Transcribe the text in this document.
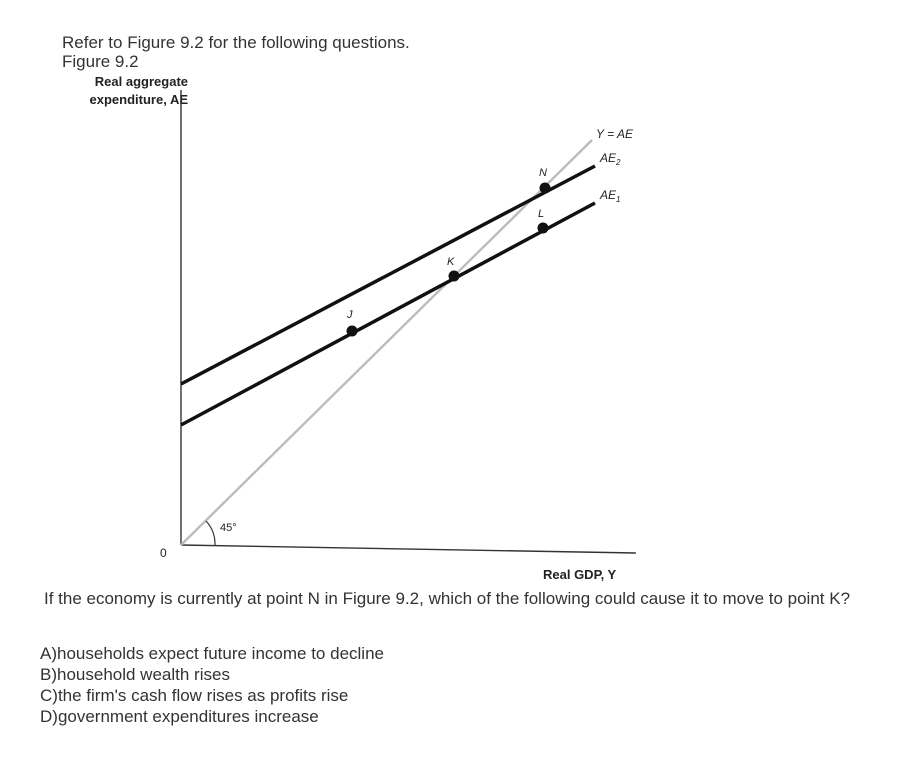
Refer to Figure 9.2 for the following questions.
Figure 9.2
Real aggregate
expenditure, AE
0
45°
Real GDP, Y
Y = AE
$AE_2$
$AE_1$
N
L
K
J
If the economy is currently at point N in Figure 9.2, which of the following could cause it to move to point K?
A)households expect future income to decline
B)household wealth rises
C)the firm's cash flow rises as profits rise
D)government expenditures increase
